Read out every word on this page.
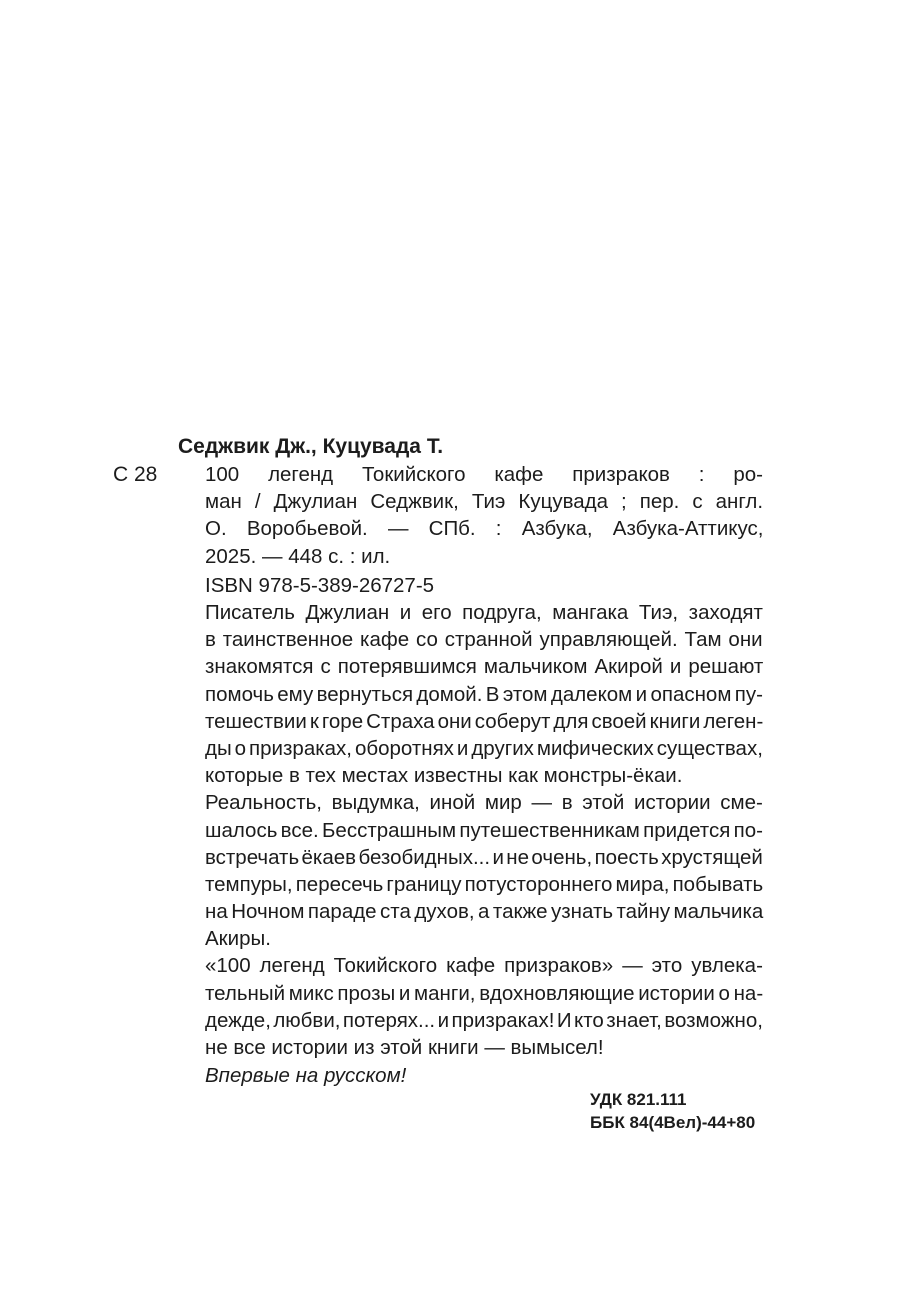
Седжвик Дж., Куцувада Т.
С 28 100 легенд Токийского кафе призраков : ро-
ман / Джулиан Седжвик, Тиэ Куцувада ; пер. с англ.
О. Воробьевой. — СПб. : Азбука, Азбука-Аттикус,
2025. — 448 с. : ил.
ISBN 978-5-389-26727-5
Писатель Джулиан и его подруга, мангака Тиэ, заходят
в таинственное кафе со странной управляющей. Там они
знакомятся с потерявшимся мальчиком Акирой и решают
помочь ему вернуться домой. В этом далеком и опасном пу-
тешествии к горе Страха они соберут для своей книги леген-
ды о призраках, оборотнях и других мифических существах,
которые в тех местах известны как монстры-ёкаи.
Реальность, выдумка, иной мир — в этой истории сме-
шалось все. Бесстрашным путешественникам придется по-
встречать ёкаев безобидных... и не очень, поесть хрустящей
темпуры, пересечь границу потустороннего мира, побывать
на Ночном параде ста духов, а также узнать тайну мальчика
Акиры.
«100 легенд Токийского кафе призраков» — это увлека-
тельный микс прозы и манги, вдохновляющие истории о на-
дежде, любви, потерях... и призраках! И кто знает, возможно,
не все истории из этой книги — вымысел!
Впервые на русском!
УДК 821.111
ББК 84(4Вел)-44+80
